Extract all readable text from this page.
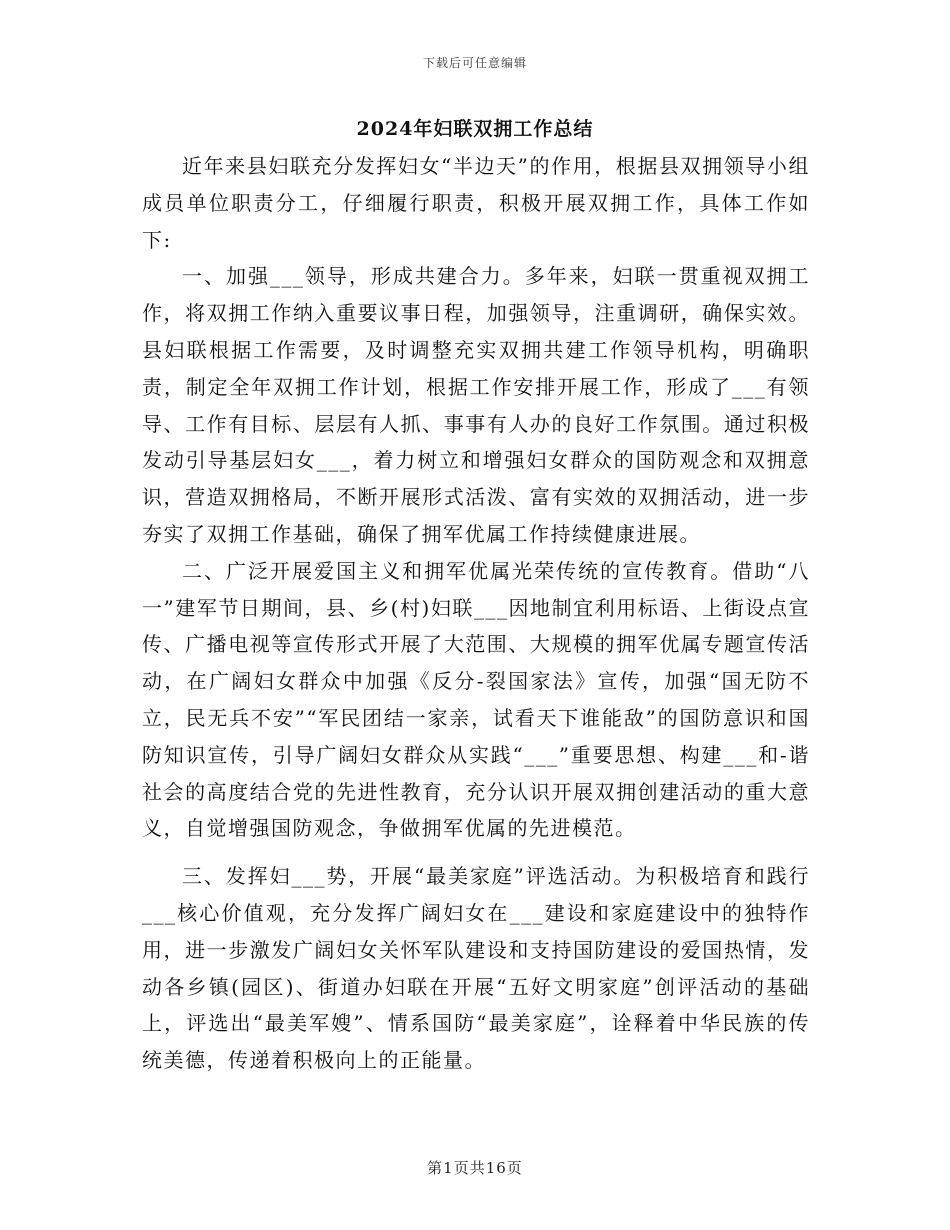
下载后可任意编辑
2024年妇联双拥工作总结

近年来县妇联充分发挥妇女“半边天”的作用，根据县双拥领导小组成员单位职责分工，仔细履行职责，积极开展双拥工作，具体工作如下:

一、加强___领导，形成共建合力。多年来，妇联一贯重视双拥工作，将双拥工作纳入重要议事日程，加强领导，注重调研，确保实效。县妇联根据工作需要，及时调整充实双拥共建工作领导机构，明确职责，制定全年双拥工作计划，根据工作安排开展工作，形成了___有领导、工作有目标、层层有人抓、事事有人办的良好工作氛围。通过积极发动引导基层妇女___，着力树立和增强妇女群众的国防观念和双拥意识，营造双拥格局，不断开展形式活泼、富有实效的双拥活动，进一步夯实了双拥工作基础，确保了拥军优属工作持续健康进展。

二、广泛开展爱国主义和拥军优属光荣传统的宣传教育。借助“八一”建军节日期间，县、乡(村)妇联___因地制宜利用标语、上街设点宣传、广播电视等宣传形式开展了大范围、大规模的拥军优属专题宣传活动，在广阔妇女群众中加强《反分-裂国家法》宣传，加强“国无防不立，民无兵不安”“军民团结一家亲，试看天下谁能敌”的国防意识和国防知识宣传，引导广阔妇女群众从实践“___”重要思想、构建___和-谐社会的高度结合党的先进性教育，充分认识开展双拥创建活动的重大意义，自觉增强国防观念，争做拥军优属的先进模范。

三、发挥妇___势，开展“最美家庭”评选活动。为积极培育和践行___核心价值观，充分发挥广阔妇女在___建设和家庭建设中的独特作用，进一步激发广阔妇女关怀军队建设和支持国防建设的爱国热情，发动各乡镇(园区)、街道办妇联在开展“五好文明家庭”创评活动的基础上，评选出“最美军嫂”、情系国防“最美家庭”，诠释着中华民族的传统美德，传递着积极向上的正能量。

第1页共16页
